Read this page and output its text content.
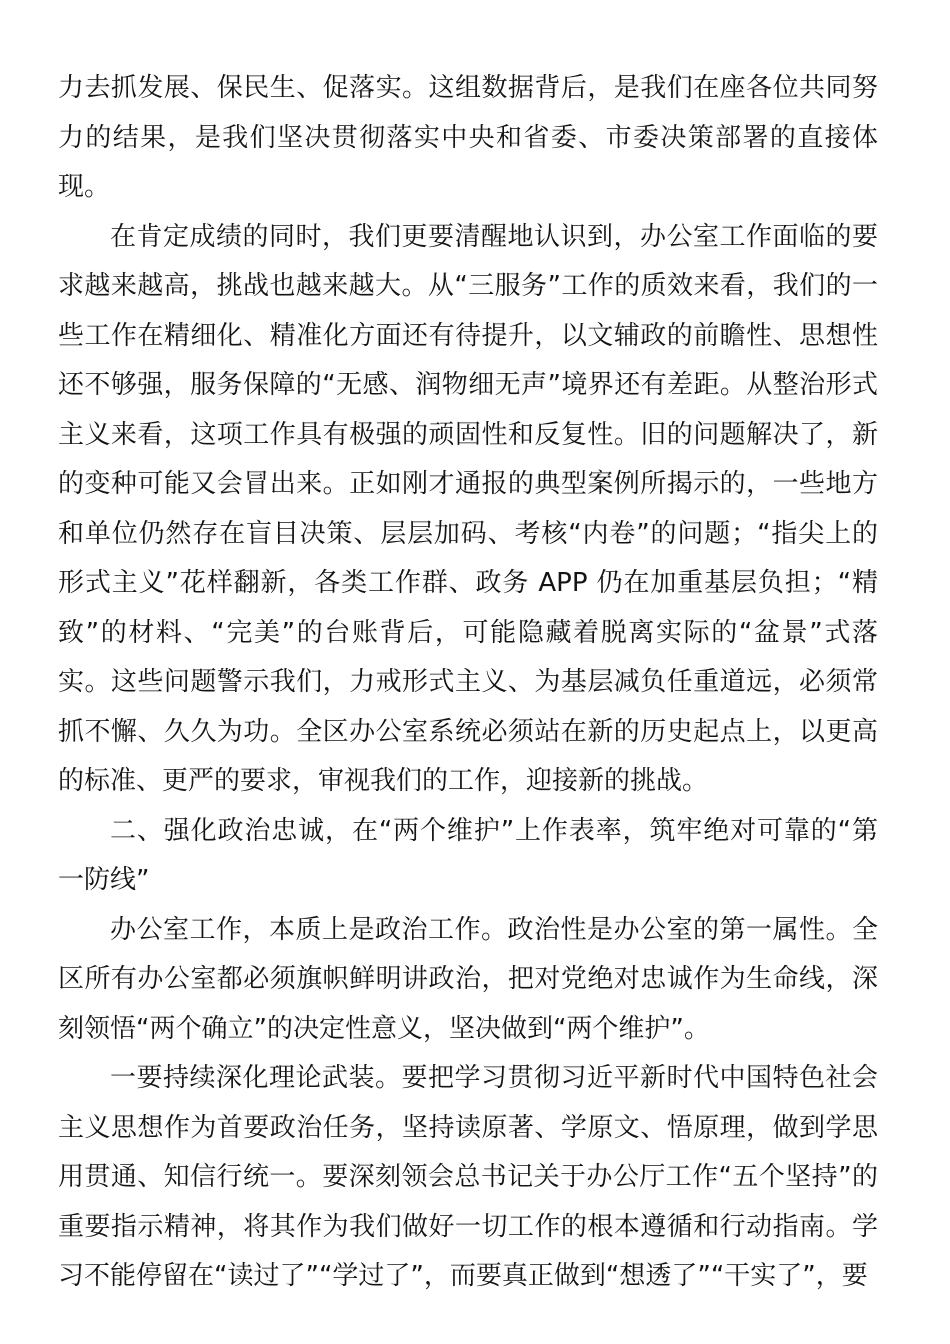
力去抓发展、保民生、促落实。这组数据背后，是我们在座各位共同努力的结果，是我们坚决贯彻落实中央和省委、市委决策部署的直接体现。

在肯定成绩的同时，我们更要清醒地认识到，办公室工作面临的要求越来越高，挑战也越来越大。从“三服务”工作的质效来看，我们的一些工作在精细化、精准化方面还有待提升，以文辅政的前瞻性、思想性还不够强，服务保障的“无感、润物细无声”境界还有差距。从整治形式主义来看，这项工作具有极强的顽固性和反复性。旧的问题解决了，新的变种可能又会冒出来。正如刚才通报的典型案例所揭示的，一些地方和单位仍然存在盲目决策、层层加码、考核“内卷”的问题；“指尖上的形式主义”花样翻新，各类工作群、政务 APP 仍在加重基层负担；“精致”的材料、“完美”的台账背后，可能隐藏着脱离实际的“盆景”式落实。这些问题警示我们，力戒形式主义、为基层减负任重道远，必须常抓不懈、久久为功。全区办公室系统必须站在新的历史起点上，以更高的标准、更严的要求，审视我们的工作，迎接新的挑战。

二、强化政治忠诚，在“两个维护”上作表率，筑牢绝对可靠的“第一防线”

办公室工作，本质上是政治工作。政治性是办公室的第一属性。全区所有办公室都必须旗帜鲜明讲政治，把对党绝对忠诚作为生命线，深刻领悟“两个确立”的决定性意义，坚决做到“两个维护”。

一要持续深化理论武装。要把学习贯彻习近平新时代中国特色社会主义思想作为首要政治任务，坚持读原著、学原文、悟原理，做到学思用贯通、知信行统一。要深刻领会总书记关于办公厅工作“五个坚持”的重要指示精神，将其作为我们做好一切工作的根本遵循和行动指南。学习不能停留在“读过了”“学过了”，而要真正做到“想透了”“干实了”，要
